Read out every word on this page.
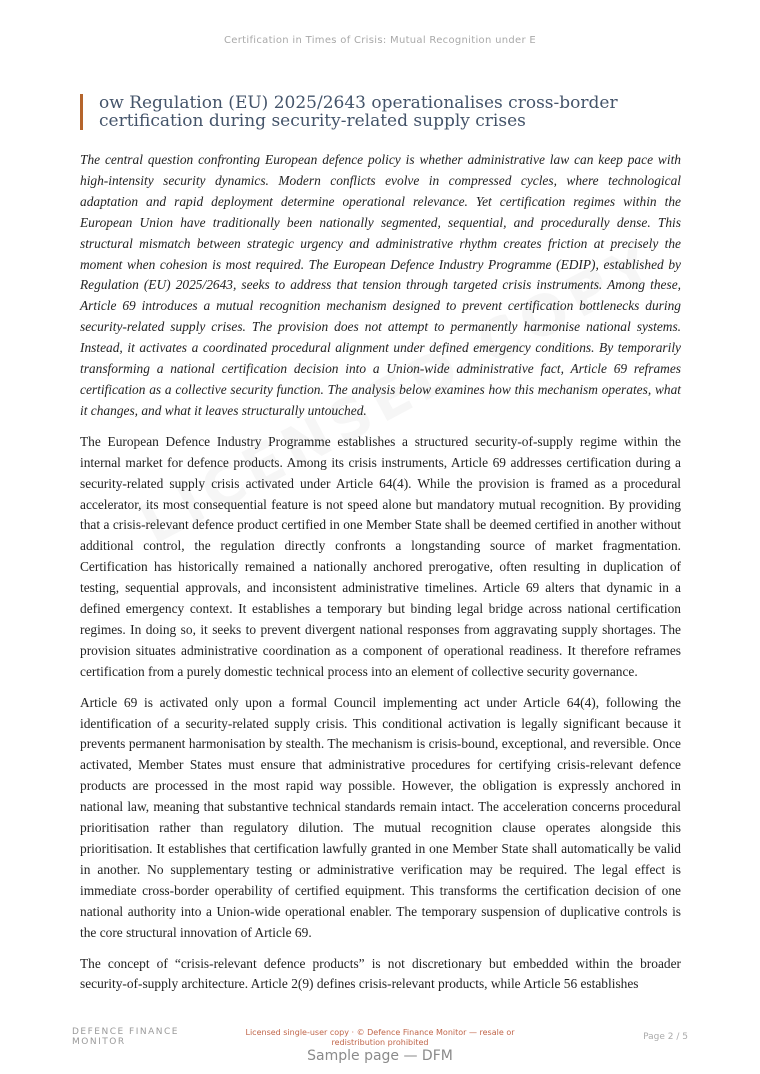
Certification in Times of Crisis: Mutual Recognition under E
ow Regulation (EU) 2025/2643 operationalises cross-border certification during security-related supply crises

The central question confronting European defence policy is whether administrative law can keep pace with high-intensity security dynamics. Modern conflicts evolve in compressed cycles, where technological adaptation and rapid deployment determine operational relevance. Yet certification regimes within the European Union have traditionally been nationally segmented, sequential, and procedurally dense. This structural mismatch between strategic urgency and administrative rhythm creates friction at precisely the moment when cohesion is most required. The European Defence Industry Programme (EDIP), established by Regulation (EU) 2025/2643, seeks to address that tension through targeted crisis instruments. Among these, Article 69 introduces a mutual recognition mechanism designed to prevent certification bottlenecks during security-related supply crises. The provision does not attempt to permanently harmonise national systems. Instead, it activates a coordinated procedural alignment under defined emergency conditions. By temporarily transforming a national certification decision into a Union-wide administrative fact, Article 69 reframes certification as a collective security function. The analysis below examines how this mechanism operates, what it changes, and what it leaves structurally untouched.

The European Defence Industry Programme establishes a structured security-of-supply regime within the internal market for defence products. Among its crisis instruments, Article 69 addresses certification during a security-related supply crisis activated under Article 64(4). While the provision is framed as a procedural accelerator, its most consequential feature is not speed alone but mandatory mutual recognition. By providing that a crisis-relevant defence product certified in one Member State shall be deemed certified in another without additional control, the regulation directly confronts a longstanding source of market fragmentation. Certification has historically remained a nationally anchored prerogative, often resulting in duplication of testing, sequential approvals, and inconsistent administrative timelines. Article 69 alters that dynamic in a defined emergency context. It establishes a temporary but binding legal bridge across national certification regimes. In doing so, it seeks to prevent divergent national responses from aggravating supply shortages. The provision situates administrative coordination as a component of operational readiness. It therefore reframes certification from a purely domestic technical process into an element of collective security governance.

Article 69 is activated only upon a formal Council implementing act under Article 64(4), following the identification of a security-related supply crisis. This conditional activation is legally significant because it prevents permanent harmonisation by stealth. The mechanism is crisis-bound, exceptional, and reversible. Once activated, Member States must ensure that administrative procedures for certifying crisis-relevant defence products are processed in the most rapid way possible. However, the obligation is expressly anchored in national law, meaning that substantive technical standards remain intact. The acceleration concerns procedural prioritisation rather than regulatory dilution. The mutual recognition clause operates alongside this prioritisation. It establishes that certification lawfully granted in one Member State shall automatically be valid in another. No supplementary testing or administrative verification may be required. The legal effect is immediate cross-border operability of certified equipment. This transforms the certification decision of one national authority into a Union-wide operational enabler. The temporary suspension of duplicative controls is the core structural innovation of Article 69.

The concept of “crisis-relevant defence products” is not discretionary but embedded within the broader security-of-supply architecture. Article 2(9) defines crisis-relevant products, while Article 56 establishes

DEFENCE FINANCE
MONITOR
Licensed single-user copy · © Defence Finance Monitor — resale or redistribution prohibited
Page 2 / 5
Sample page — DFM
